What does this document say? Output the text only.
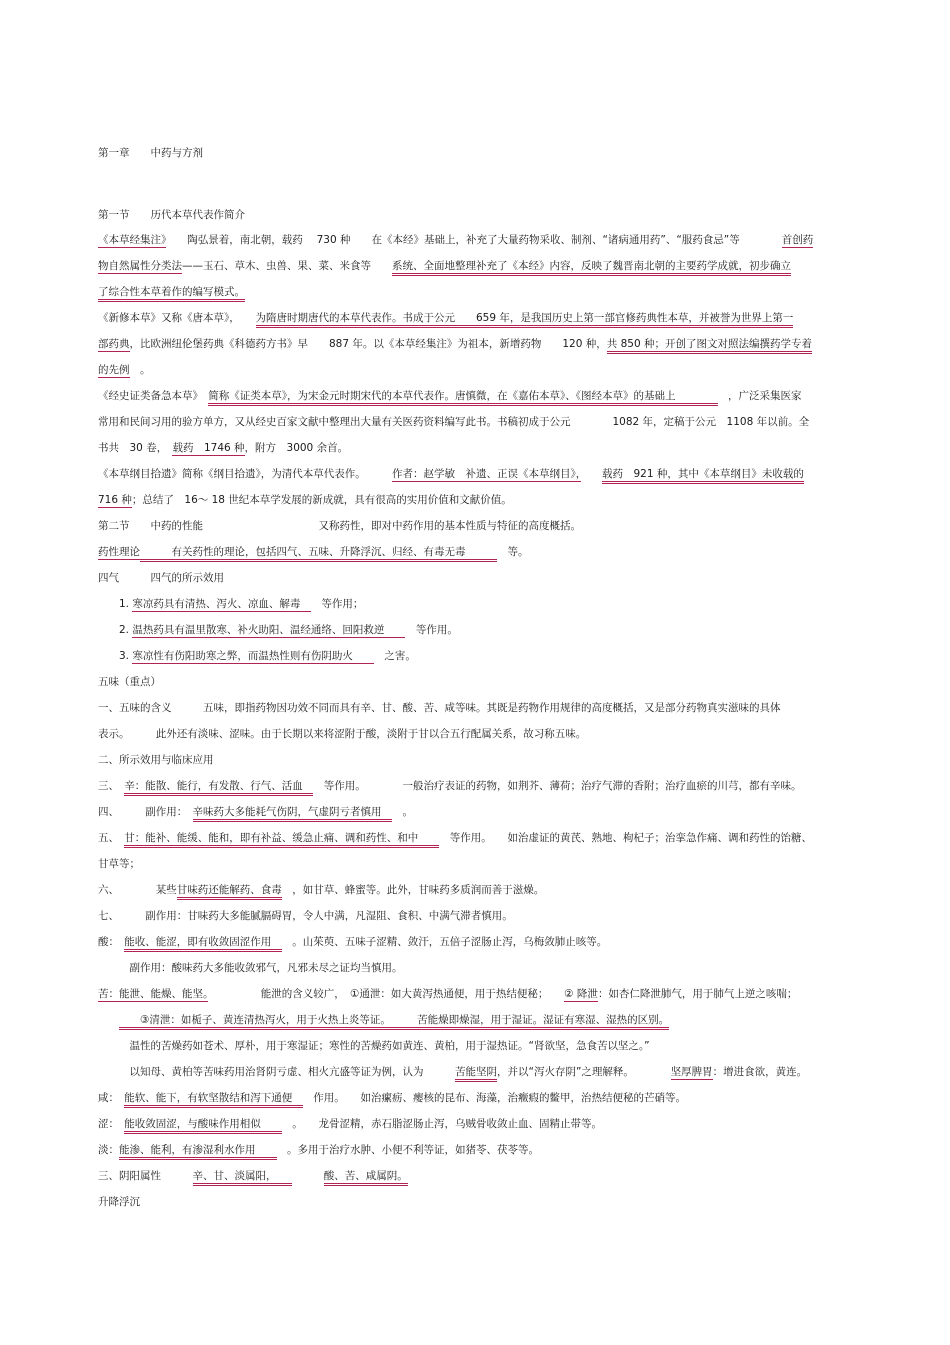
第一章　　中药与方剂
第一节　　历代本草代表作简介
《本草经集注》　　陶弘景着，南北朝，载药　 730 种　　在《本经》基础上，补充了大量药物采收、制剂、“诸病通用药”、“服药食忌”等　　　　首创药
物自然属性分类法——玉石、草木、虫兽、果、菜、米食等　　系统、全面地整理补充了《本经》内容，反映了魏晋南北朝的主要药学成就，初步确立
了综合性本草着作的编写模式。
《新修本草》又称《唐本草》，　　为隋唐时期唐代的本草代表作。书成于公元　　659 年，是我国历史上第一部官修药典性本草，并被誉为世界上第一
部药典，比欧洲纽伦堡药典《科德药方书》早　　887 年。以《本草经集注》为祖本，新增药物　　120 种，共 850 种；开创了图文对照法编撰药学专着
的先例　。
《经史证类备急本草》　简称《证类本草》，为宋金元时期宋代的本草代表作。唐慎微，在《嘉佑本草》、《图经本草》的基础上　　　　　，广泛采集医家
常用和民间习用的验方单方，又从经史百家文献中整理出大量有关医药资料编写此书。书稿初成于公元　　　　1082 年，定稿于公元　1108 年以前。全
书共　30 卷，　载药　1746 种，附方　3000 余首。
《本草纲目拾遗》简称《纲目拾遗》，为清代本草代表作。　　　作者：赵学敏　补遗、正误《本草纲目》，　　 载药　921 种，其中《本草纲目》未收载的
716 种；总结了　16～ 18 世纪本草学发展的新成就，具有很高的实用价值和文献价值。
第二节　　中药的性能　　　　　　　　　　　又称药性，即对中药作用的基本性质与特征的高度概括。
药性理论　　　有关药性的理论，包括四气、五味、升降浮沉、归经、有毒无毒　　　　等。
四气　　　四气的所示效用
　　1. 寒凉药具有清热、泻火、凉血、解毒　　等作用；
　　2. 温热药具有温里散寒、补火助阳、温经通络、回阳救逆　　　等作用。
　　3. 寒凉性有伤阳助寒之弊，而温热性则有伤阴助火　　　之害。
五味（重点）
一、五味的含义　　　五味，即指药物因功效不同而具有辛、甘、酸、苦、咸等味。其既是药物作用规律的高度概括，又是部分药物真实滋味的具体
表示。　　　此外还有淡味、涩味。由于长期以来将涩附于酸，淡附于甘以合五行配属关系，故习称五味。
二、所示效用与临床应用
三、　辛：能散、能行，有发散、行气、活血　　等作用。　　　　一般治疗表证的药物，如荆芥、薄荷；治疗气滞的香附；治疗血瘀的川芎，都有辛味。
四、　　　副作用：　辛味药大多能耗气伤阴，气虚阴亏者慎用　　。
五、　甘：能补、能缓、能和，即有补益、缓急止痛、调和药性、和中　　　等作用。　　如治虚证的黄芪、熟地、枸杞子；治挛急作痛、调和药性的饴糖、
甘草等；
六、　　　　某些甘味药还能解药、食毒　，如甘草、蜂蜜等。此外，甘味药多质润而善于滋燥。
七、　　　副作用：甘味药大多能腻膈碍胃，令人中满，凡湿阻、食积、中满气滞者慎用。
酸：　能收、能涩，即有收敛固涩作用　　。山茱萸、五味子涩精、敛汗，五倍子涩肠止泻，乌梅敛肺止咳等。
　　　副作用：酸味药大多能收敛邪气，凡邪未尽之证均当慎用。
苦：能泄、能燥、能坚。　　　　　能泄的含义较广，　①通泄：如大黄泻热通便，用于热结便秘；　　② 降泄：如杏仁降泄肺气，用于肺气上逆之咳喘；
　　　　③清泄：如栀子、黄连清热泻火，用于火热上炎等证。　　　苦能燥即燥湿，用于湿证。湿证有寒湿、湿热的区别。
　　　温性的苦燥药如苍术、厚朴，用于寒湿证；寒性的苦燥药如黄连、黄柏，用于湿热证。“肾欲坚，急食苦以坚之。”
　　　以知母、黄柏等苦味药用治肾阴亏虚、相火亢盛等证为例，认为　　　苦能坚阴，并以“泻火存阴”之理解释。　　　　坚厚脾胃：增进食欲，黄连。
咸：　能软、能下，有软坚散结和泻下通便　　作用。　　如治瘰疬、瘿核的昆布、海藻，治癥瘕的鳖甲，治热结便秘的芒硝等。
涩：　能收敛固涩，与酸味作用相似　　　。　　龙骨涩精，赤石脂涩肠止泻，乌贼骨收敛止血、固精止带等。
淡：能渗、能利，有渗湿利水作用　　　。多用于治疗水肿、小便不利等证，如猪苓、茯苓等。
三、阴阳属性　　　辛、甘、淡属阳，　　　　　	酸、苦、咸属阴。
升降浮沉
